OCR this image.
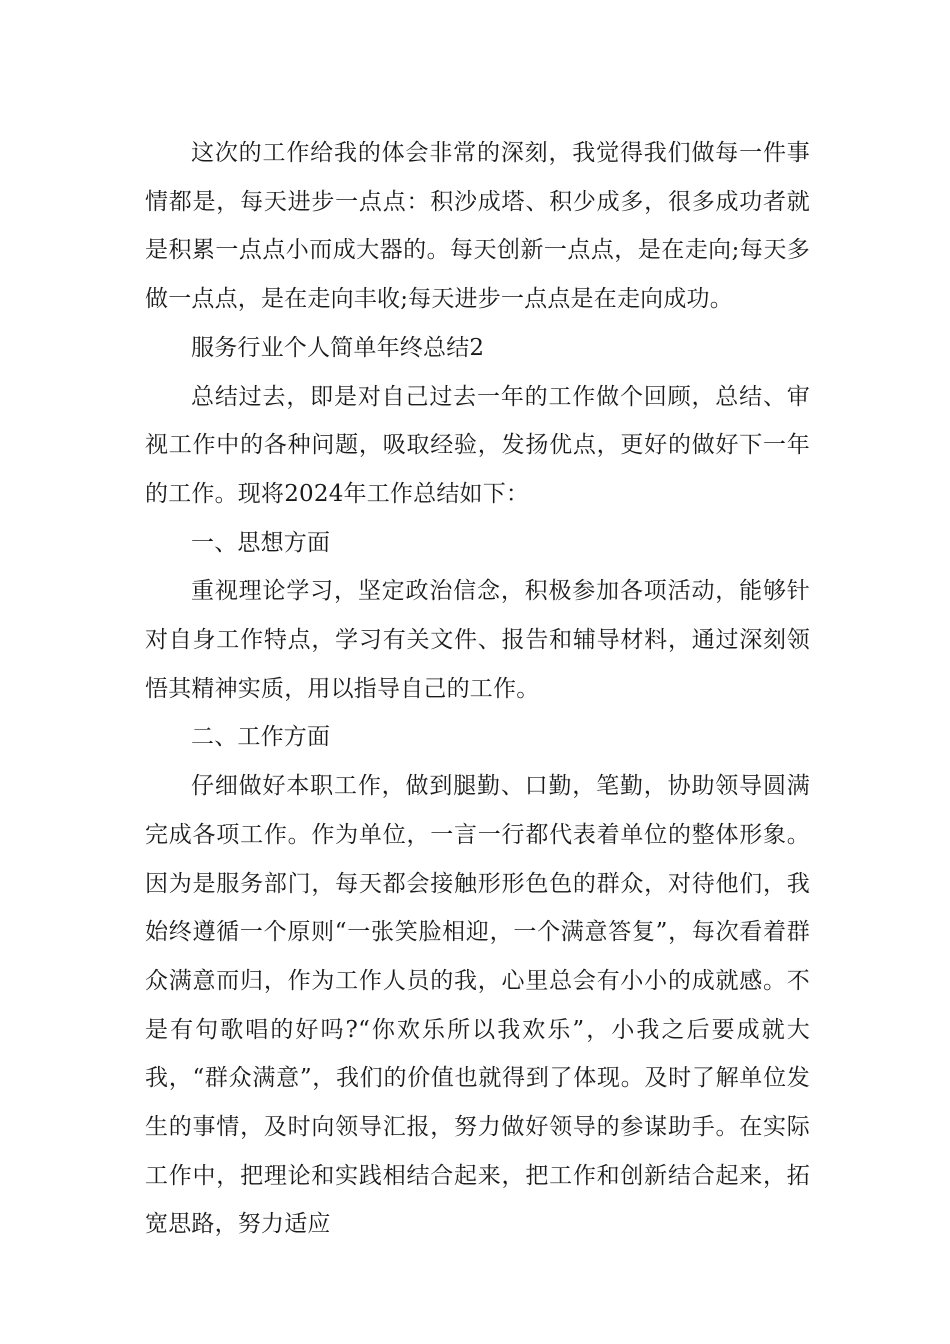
这次的工作给我的体会非常的深刻，我觉得我们做每一件事情都是，每天进步一点点：积沙成塔、积少成多，很多成功者就是积累一点点小而成大器的。每天创新一点点，是在走向;每天多做一点点，是在走向丰收;每天进步一点点是在走向成功。

服务行业个人简单年终总结2

总结过去，即是对自己过去一年的工作做个回顾，总结、审视工作中的各种问题，吸取经验，发扬优点，更好的做好下一年的工作。现将2024年工作总结如下：

一、思想方面

重视理论学习，坚定政治信念，积极参加各项活动，能够针对自身工作特点，学习有关文件、报告和辅导材料，通过深刻领悟其精神实质，用以指导自己的工作。

二、工作方面

仔细做好本职工作，做到腿勤、口勤，笔勤，协助领导圆满完成各项工作。作为单位，一言一行都代表着单位的整体形象。因为是服务部门，每天都会接触形形色色的群众，对待他们，我始终遵循一个原则“一张笑脸相迎，一个满意答复”，每次看着群众满意而归，作为工作人员的我，心里总会有小小的成就感。不是有句歌唱的好吗?“你欢乐所以我欢乐”，小我之后要成就大我，“群众满意”，我们的价值也就得到了体现。及时了解单位发生的事情，及时向领导汇报，努力做好领导的参谋助手。在实际工作中，把理论和实践相结合起来，把工作和创新结合起来，拓宽思路，努力适应
